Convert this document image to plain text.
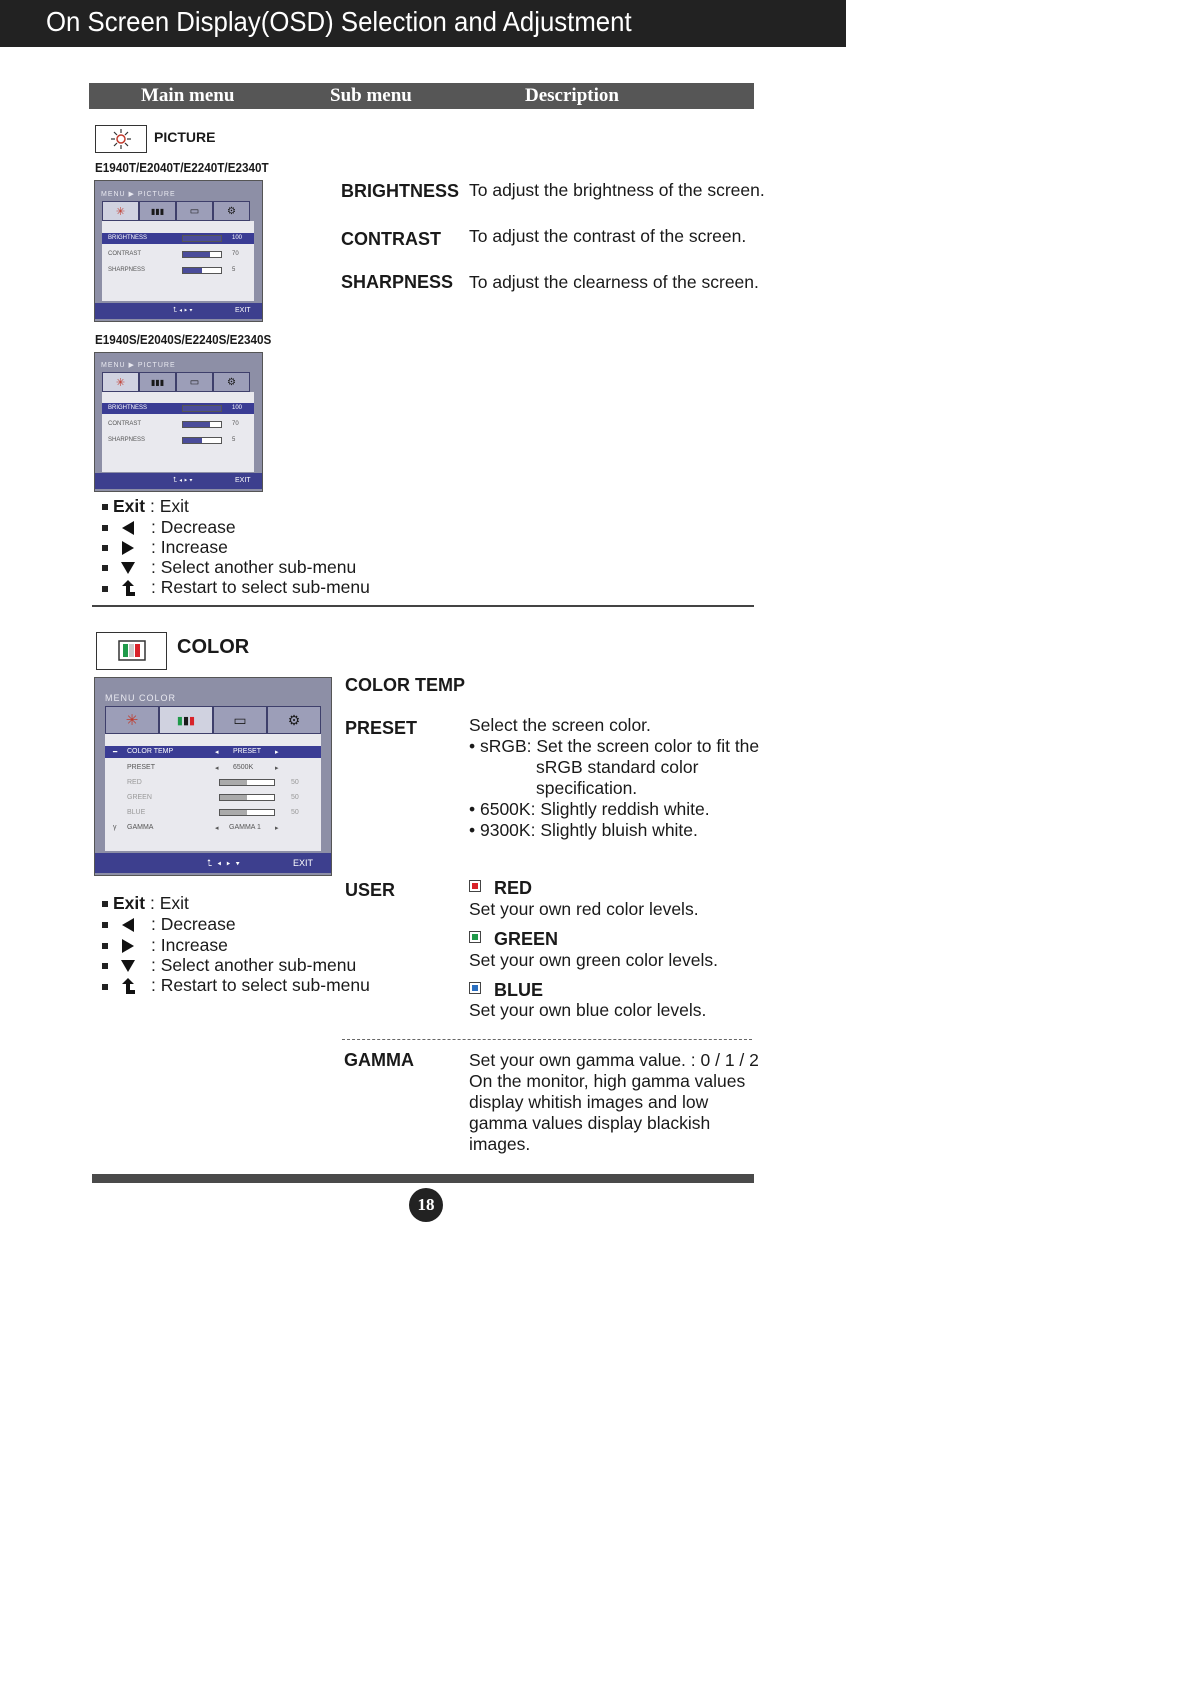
On Screen Display(OSD) Selection and Adjustment
Main menu	Sub menu	Description
PICTURE
E1940T/E2040T/E2240T/E2340T
MENU ▶ PICTURE
✳	▮▮▮	▭	⚙
BRIGHTNESS	100
CONTRAST	70
SHARPNESS	5
⮤ ◂ ▸ ▾	EXIT
E1940S/E2040S/E2240S/E2340S
MENU ▶ PICTURE
✳	▮▮▮	▭	⚙
BRIGHTNESS	100
CONTRAST	70
SHARPNESS	5
⮤ ◂ ▸ ▾	EXIT
BRIGHTNESS To adjust the brightness of the screen.
CONTRAST To adjust the contrast of the screen.
SHARPNESS To adjust the clearness of the screen.
Exit : Exit
: Decrease
: Increase
: Select another sub-menu
: Restart to select sub-menu
COLOR
MENU COLOR
✳	▮ ▮ ▮	▭	⚙
━ COLOR TEMP	◂ PRESET ▸
PRESET	◂ 6500K	▸
RED	50
GREEN	50
BLUE	50
γ GAMMA	◂ GAMMA 1 ▸
⮤  ◂  ▸  ▾	EXIT
Exit : Exit
: Decrease
: Increase
: Select another sub-menu
: Restart to select sub-menu
COLOR TEMP
PRESET	Select the screen color.
• sRGB: Set the screen color to fit the
sRGB standard color
specification.
• 6500K: Slightly reddish white.
• 9300K: Slightly bluish white.
USER	RED
Set your own red color levels.
GREEN
Set your own green color levels.
BLUE
Set your own blue color levels.
GAMMA	Set your own gamma value. : 0 / 1 / 2
On the monitor, high gamma values
display whitish images and low
gamma values display blackish
images.
18
